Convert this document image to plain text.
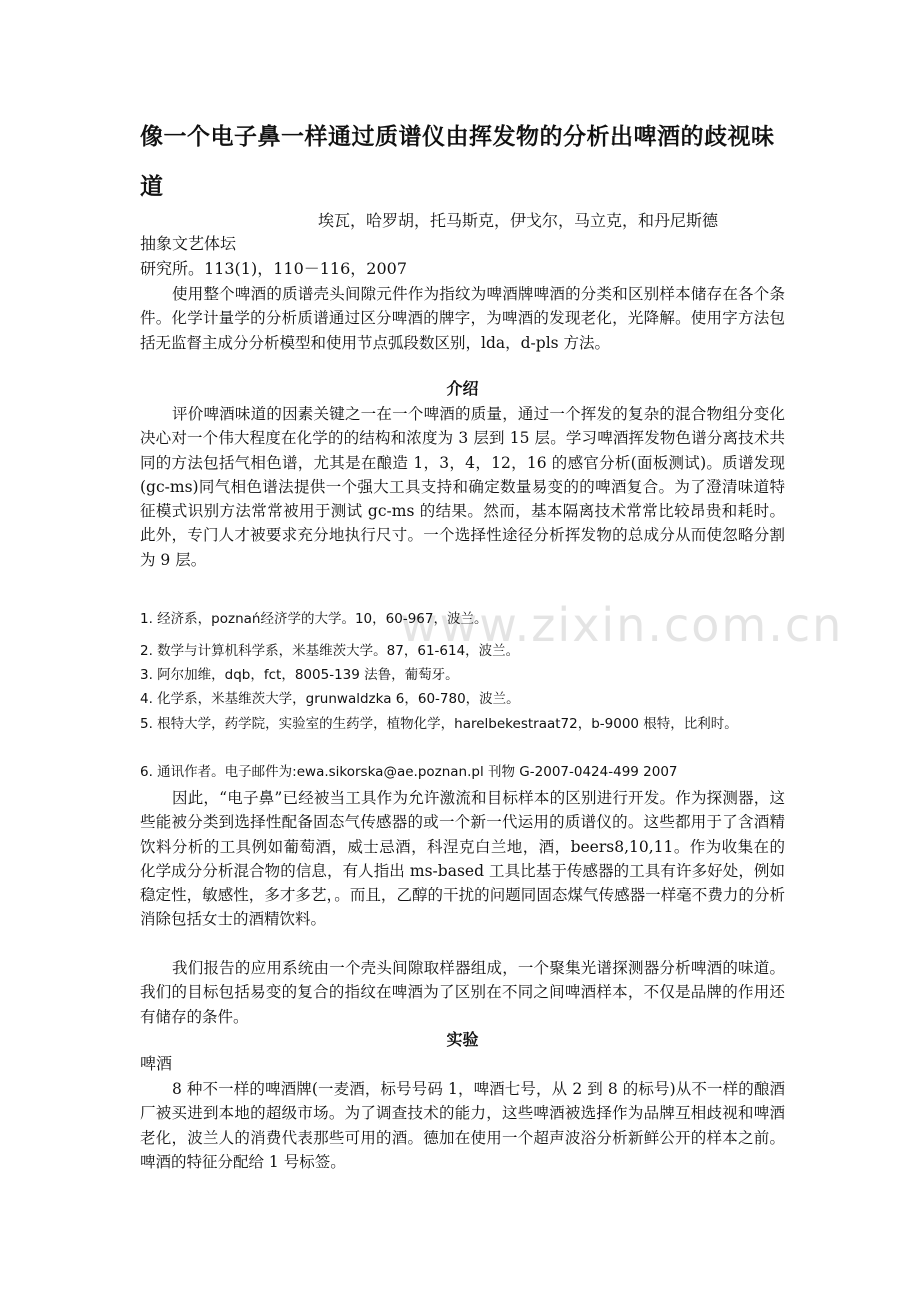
www.zixin.com.cn
像一个电子鼻一样通过质谱仪由挥发物的分析出啤酒的歧视味道
埃瓦，哈罗胡，托马斯克，伊戈尔，马立克，和丹尼斯德
抽象文艺体坛
研究所。113(1)，110－116，2007
使用整个啤酒的质谱壳头间隙元件作为指纹为啤酒牌啤酒的分类和区别样本储存在各个条件。化学计量学的分析质谱通过区分啤酒的牌字，为啤酒的发现老化，光降解。使用字方法包括无监督主成分分析模型和使用节点弧段数区别，lda，d-pls 方法。
介绍
评价啤酒味道的因素关键之一在一个啤酒的质量，通过一个挥发的复杂的混合物组分变化决心对一个伟大程度在化学的的结构和浓度为 3 层到 15 层。学习啤酒挥发物色谱分离技术共同的方法包括气相色谱，尤其是在酿造 1，3，4，12，16 的感官分析(面板测试)。质谱发现(gc-ms)同气相色谱法提供一个强大工具支持和确定数量易变的的啤酒复合。为了澄清味道特征模式识别方法常常被用于测试 gc-ms 的结果。然而，基本隔离技术常常比较昂贵和耗时。此外，专门人才被要求充分地执行尺寸。一个选择性途径分析挥发物的总成分从而使忽略分割为 9 层。
1. 经济系，poznań经济学的大学。10，60-967，波兰。
2. 数学与计算机科学系，米基维茨大学。87，61-614，波兰。
3. 阿尔加维，dqb，fct，8005-139 法鲁，葡萄牙。
4. 化学系，米基维茨大学，grunwaldzka 6，60-780，波兰。
5. 根特大学，药学院，实验室的生药学，植物化学，harelbekestraat72，b-9000 根特，比利时。
6. 通讯作者。电子邮件为:ewa.sikorska@ae.poznan.pl 刊物 G-2007-0424-499 2007
因此，“电子鼻”已经被当工具作为允许激流和目标样本的区别进行开发。作为探测器，这些能被分类到选择性配备固态气传感器的或一个新一代运用的质谱仪的。这些都用于了含酒精饮料分析的工具例如葡萄酒，威士忌酒，科涅克白兰地，酒，beers8,10,11。作为收集在的化学成分分析混合物的信息，有人指出 ms-based 工具比基于传感器的工具有许多好处，例如稳定性，敏感性，多才多艺，。而且，乙醇的干扰的问题同固态煤气传感器一样毫不费力的分析消除包括女士的酒精饮料。
我们报告的应用系统由一个壳头间隙取样器组成，一个聚集光谱探测器分析啤酒的味道。我们的目标包括易变的复合的指纹在啤酒为了区别在不同之间啤酒样本，不仅是品牌的作用还有储存的条件。
实验
啤酒
8 种不一样的啤酒牌(一麦酒，标号号码 1，啤酒七号，从 2 到 8 的标号)从不一样的酿酒厂被买进到本地的超级市场。为了调查技术的能力，这些啤酒被选择作为品牌互相歧视和啤酒老化，波兰人的消费代表那些可用的酒。德加在使用一个超声波浴分析新鲜公开的样本之前。啤酒的特征分配给 1 号标签。
